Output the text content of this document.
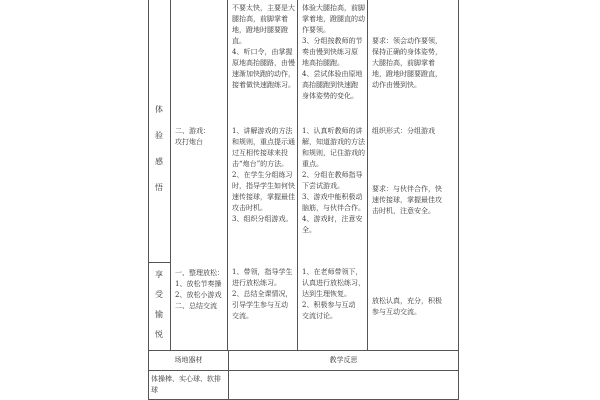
体
验
感
悟
享
受
愉
悦
二、游戏：
攻打炮台
一、整理放松：
1、放松节奏操
2、放松小游戏
二、总结交流
不要太快，主要是大
腿抬高，前脚掌着
地，蹬地时腿要蹬
直。
4、听口令，由掌握
原地高抬腿路，由慢
速渐加快跑的动作，
接着做快速跑练习。
1、讲解游戏的方法
和规则，重点提示通
过互相传接球来投
击“炮台”的方法。
2、在学生分组练习
时，指导学生如何快
速传接球，掌握最佳
攻击时机。
3、组织分组游戏。
1、带领，指导学生
进行放松练习。
2、总结全课情况，
引导学生参与互动
交流。
体验大腿抬高，前脚
掌着地，蹬腿直的动
作要领。
3、分组按教师的节
奏由慢到快练习原
地高抬腿跑。
4、尝试体验由原地
高抬腿跑到快速跑
身体姿势的变化。
1、认真听教师的讲
解，知道游戏的方法
和规则，记住游戏的
重点。
2、分组在教师指导
下尝试游戏。
3、游戏中能积极动
脑筋，与伙伴合作。
4、游戏时，注意安
全。
1、在老师带领下，
认真进行放松练习，
达到生理恢复。
2、积极参与互动
交流讨论。
要求：领会动作要领，
保持正确的身体姿势，
大腿抬高，前脚掌着
地，蹬地时腿要蹬直，
动作由慢到快。
组织形式：分组游戏
要求：与伙伴合作，快
速传接球，掌握最佳攻
击时机，注意安全。
放松认真，充分，积极
参与互动交流。
场地器材	教学反思
体操棒、实心球、软排
球
